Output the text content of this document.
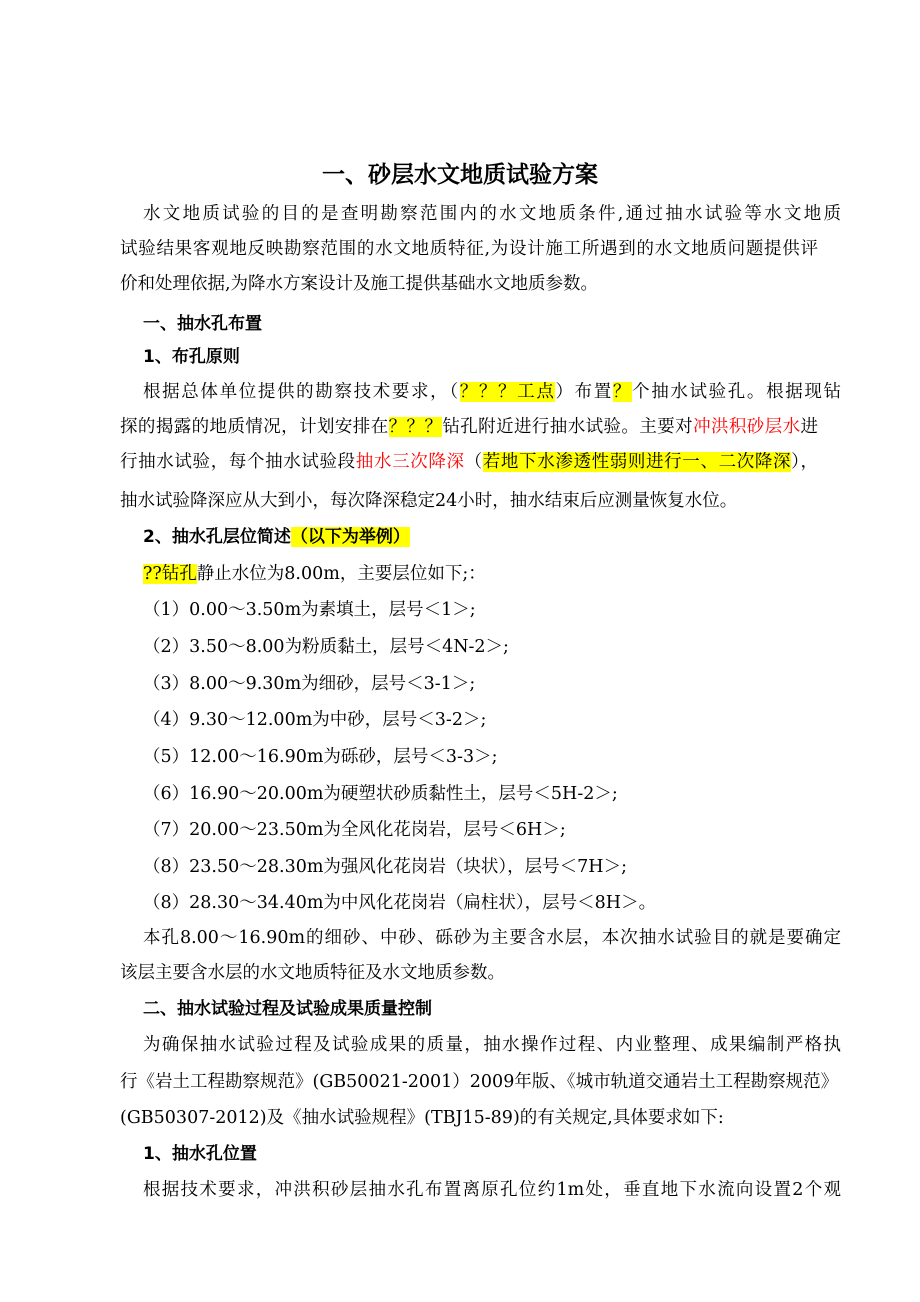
一、砂层水文地质试验方案
水文地质试验的目的是查明勘察范围内的水文地质条件,通过抽水试验等水文地质
试验结果客观地反映勘察范围的水文地质特征,为设计施工所遇到的水文地质问题提供评
价和处理依据,为降水方案设计及施工提供基础水文地质参数。
一、抽水孔布置
1、布孔原则
根据总体单位提供的勘察技术要求，（？？？工点）布置？个抽水试验孔。根据现钻
探的揭露的地质情况，计划安排在？？？钻孔附近进行抽水试验。主要对冲洪积砂层水进
行抽水试验，每个抽水试验段抽水三次降深（若地下水渗透性弱则进行一、二次降深），
抽水试验降深应从大到小，每次降深稳定24小时，抽水结束后应测量恢复水位。
2、抽水孔层位简述（以下为举例）
??钻孔静止水位为8.00m，主要层位如下;：
（1）0.00～3.50m为素填土，层号＜1＞;
（2）3.50～8.00为粉质黏土，层号＜4N-2＞;
（3）8.00～9.30m为细砂，层号＜3-1＞;
（4）9.30～12.00m为中砂，层号＜3-2＞;
（5）12.00～16.90m为砾砂，层号＜3-3＞;
（6）16.90～20.00m为硬塑状砂质黏性土，层号＜5H-2＞;
（7）20.00～23.50m为全风化花岗岩，层号＜6H＞;
（8）23.50～28.30m为强风化花岗岩（块状），层号＜7H＞;
（8）28.30～34.40m为中风化花岗岩（扁柱状），层号＜8H＞。
本孔8.00～16.90m的细砂、中砂、砾砂为主要含水层，本次抽水试验目的就是要确定
该层主要含水层的水文地质特征及水文地质参数。
二、抽水试验过程及试验成果质量控制
为确保抽水试验过程及试验成果的质量，抽水操作过程、内业整理、成果编制严格执
行《岩土工程勘察规范》(GB50021-2001）2009年版、《城市轨道交通岩土工程勘察规范》
(GB50307-2012)及《抽水试验规程》(TBJ15-89)的有关规定,具体要求如下:
1、抽水孔位置
根据技术要求，冲洪积砂层抽水孔布置离原孔位约1m处，垂直地下水流向设置2个观
